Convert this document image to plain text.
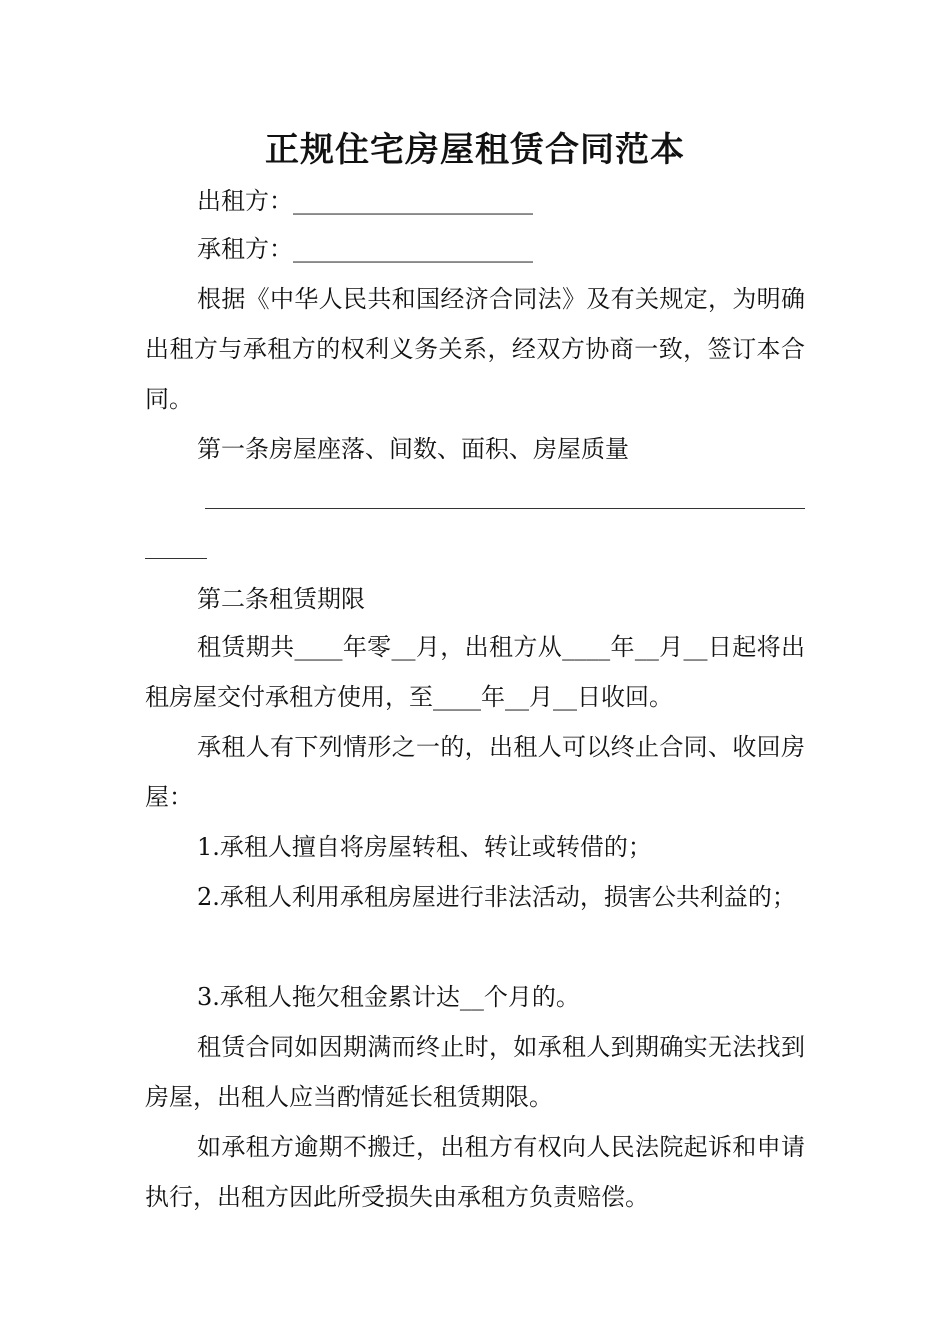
正规住宅房屋租赁合同范本

出租方：____________________

承租方：____________________

根据《中华人民共和国经济合同法》及有关规定，为明确出租方与承租方的权利义务关系，经双方协商一致，签订本合同。

第一条房屋座落、间数、面积、房屋质量

第二条租赁期限

租赁期共____年零__月，出租方从____年__月__日起将出租房屋交付承租方使用，至____年__月__日收回。

承租人有下列情形之一的，出租人可以终止合同、收回房屋：

1.承租人擅自将房屋转租、转让或转借的；

2.承租人利用承租房屋进行非法活动，损害公共利益的；

3.承租人拖欠租金累计达__个月的。

租赁合同如因期满而终止时，如承租人到期确实无法找到房屋，出租人应当酌情延长租赁期限。

如承租方逾期不搬迁，出租方有权向人民法院起诉和申请执行，出租方因此所受损失由承租方负责赔偿。
